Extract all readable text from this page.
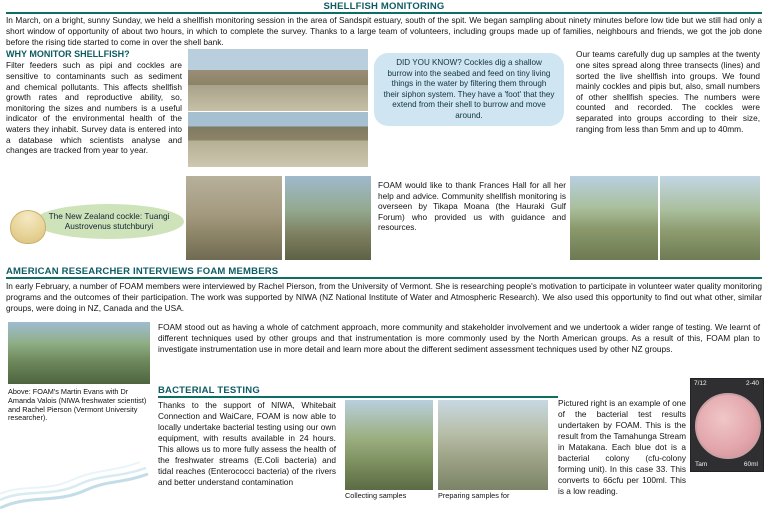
SHELLFISH MONITORING
In March, on a bright, sunny Sunday, we held a shellfish monitoring session in the area of Sandspit estuary, south of the spit. We began sampling about ninety minutes before low tide but we still had only a short window of opportunity of about two hours, in which to complete the survey. Thanks to a large team of volunteers, including groups made up of families, neighbours and friends, we got the job done before the rising tide started to come in over the shell bank.
WHY MONITOR SHELLFISH?
Filter feeders such as pipi and cockles are sensitive to contaminants such as sediment and chemical pollutants. This affects shellfish growth rates and reproductive ability, so, monitoring the sizes and numbers is a useful indicator of the environmental health of the waters they inhabit. Survey data is entered into a database which scientists analyse and changes are tracked from year to year.
DID YOU KNOW? Cockles dig a shallow burrow into the seabed and feed on tiny living things in the water by filtering them through their siphon system. They have a 'foot' that they extend from their shell to burrow and move around.
Our teams carefully dug up samples at the twenty one sites spread along three transects (lines) and sorted the live shellfish into groups. We found mainly cockles and pipis but, also, small numbers of other shellfish species. The numbers were counted and recorded. The cockles were separated into groups according to their size, ranging from less than 5mm and up to 40mm.
The New Zealand cockle: Tuangi Austrovenus stutchburyi
FOAM would like to thank Frances Hall for all her help and advice. Community shellfish monitoring is overseen by Tikapa Moana (the Hauraki Gulf Forum) who provided us with guidance and resources.
AMERICAN RESEARCHER INTERVIEWS FOAM MEMBERS
In early February, a number of FOAM members were interviewed by Rachel Pierson, from the University of Vermont. She is researching people's motivation to participate in volunteer water quality monitoring programs and the outcomes of their participation. The work was supported by NIWA (NZ National Institute of Water and Atmospheric Research). We also used this opportunity to find out what other, similar groups, were doing in NZ, Canada and the USA.
FOAM stood out as having a whole of catchment approach, more community and stakeholder involvement and we undertook a wider range of testing. We learnt of different techniques used by other groups and that instrumentation is more commonly used by the North American groups. As a result of this, FOAM plan to investigate instrumentation use in more detail and learn more about the different sediment assessment techniques used by other NZ groups.
Above: FOAM's Martin Evans with Dr Amanda Valois (NIWA freshwater scientist) and Rachel Pierson (Vermont University researcher).
BACTERIAL TESTING
Thanks to the support of NIWA, Whitebait Connection and WaiCare, FOAM is now able to locally undertake bacterial testing using our own equipment, with results available in 24 hours. This allows us to more fully assess the health of the freshwater streams (E.Coli bacteria) and tidal reaches (Enterococci bacteria) of the rivers and better understand contamination
Collecting samples	Preparing samples for
Pictured right is an example of one of the bacterial test results undertaken by FOAM. This is the result from the Tamahunga Stream in Matakana. Each blue dot is a bacterial colony (cfu-colony forming unit). In this case 33. This converts to 66cfu per 100ml. This is a low reading.
7/12	2-40
Tam	60ml
